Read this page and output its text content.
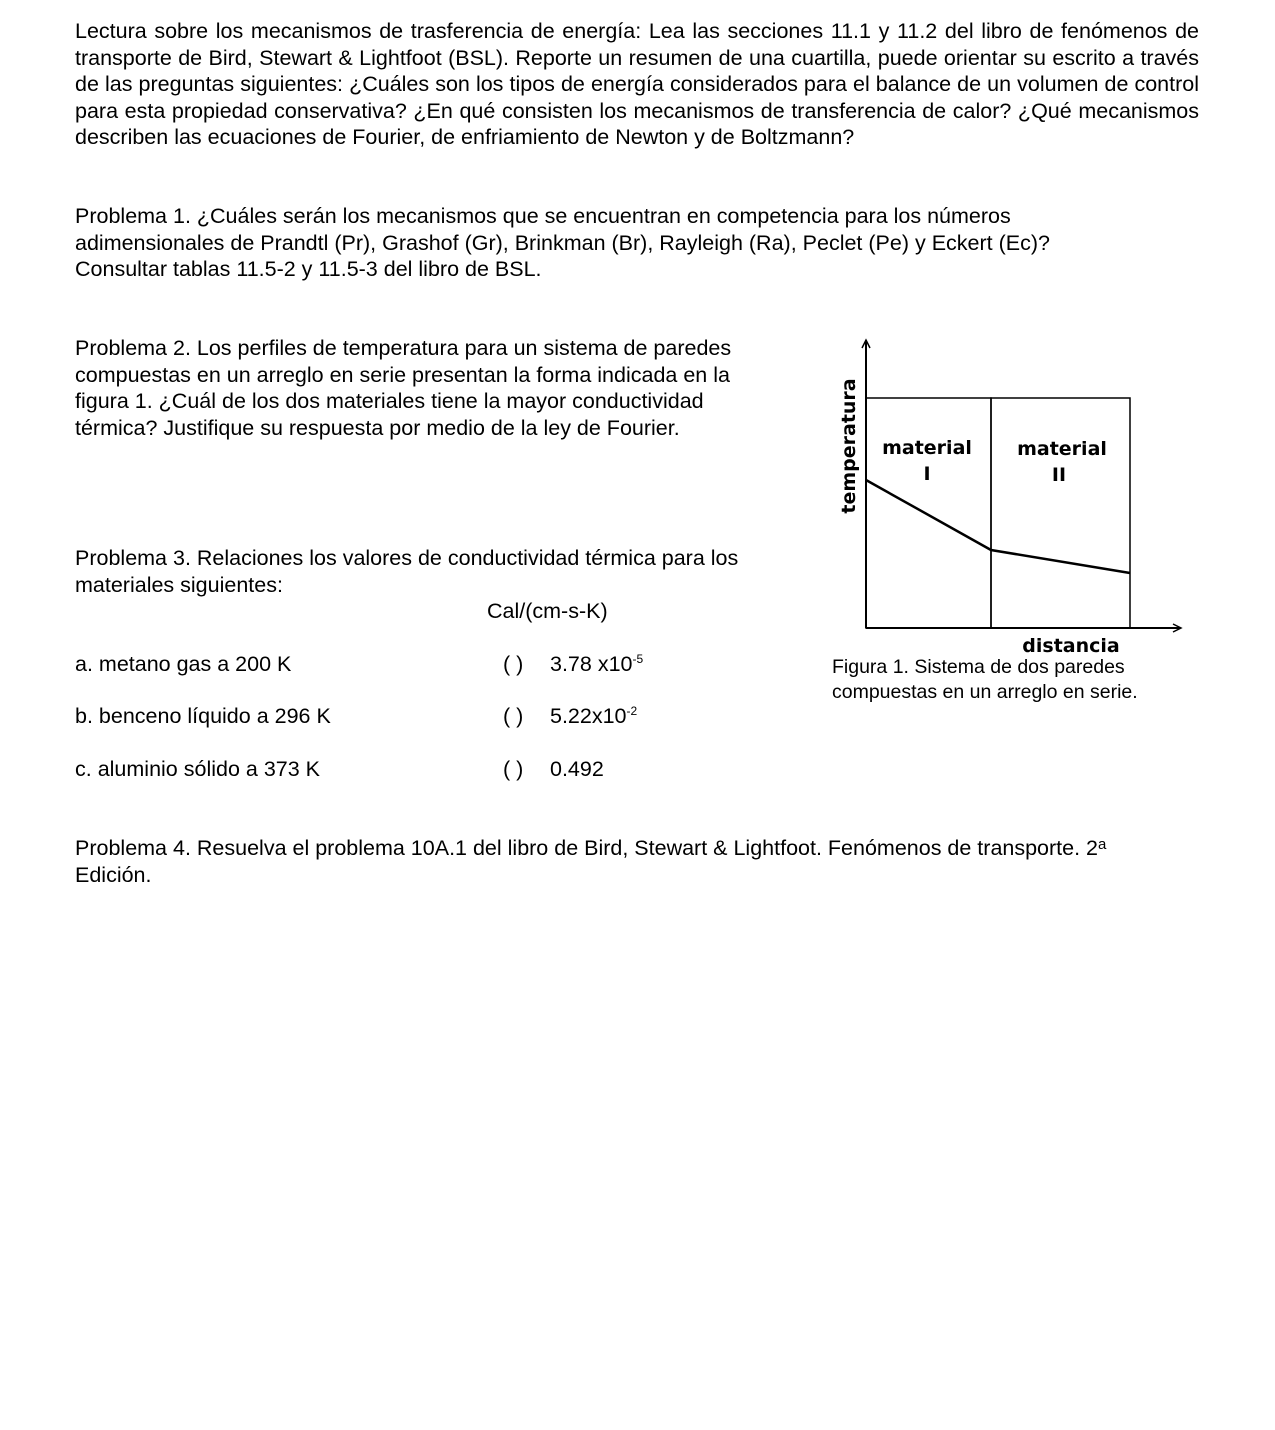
Lectura sobre los mecanismos de trasferencia de energía: Lea las secciones 11.1 y 11.2 del libro de fenómenos de transporte de Bird, Stewart & Lightfoot (BSL). Reporte un resumen de una cuartilla, puede orientar su escrito a través de las preguntas siguientes: ¿Cuáles son los tipos de energía considerados para el balance de un volumen de control para esta propiedad conservativa? ¿En qué consisten los mecanismos de transferencia de calor? ¿Qué mecanismos describen las ecuaciones de Fourier, de enfriamiento de Newton y de Boltzmann?

Problema 1. ¿Cuáles serán los mecanismos que se encuentran en competencia para los números
adimensionales de Prandtl (Pr), Grashof (Gr), Brinkman (Br), Rayleigh (Ra), Peclet (Pe) y Eckert (Ec)?
Consultar tablas 11.5-2 y 11.5-3 del libro de BSL.
Problema 2. Los perfiles de temperatura para un sistema de paredes
compuestas en un arreglo en serie presentan la forma indicada en la
figura 1. ¿Cuál de los dos materiales tiene la mayor conductividad
térmica? Justifique su respuesta por medio de la ley de Fourier.
Problema 3. Relaciones los valores de conductividad térmica para los
materiales siguientes:
Cal/(cm-s-K)
a. metano gas a 200 K	( ) 3.78 $x10^{-5}$
b. benceno líquido a 296 K	( ) $5.22x10^{-2}$
c. aluminio sólido a 373 K	( ) 0.492
Problema 4. Resuelva el problema 10A.1 del libro de Bird, Stewart & Lightfoot. Fenómenos de transporte. 2$^a$
Edición.
material
I
material
II
temperatura
distancia
Figura 1. Sistema de dos paredes
compuestas en un arreglo en serie.
